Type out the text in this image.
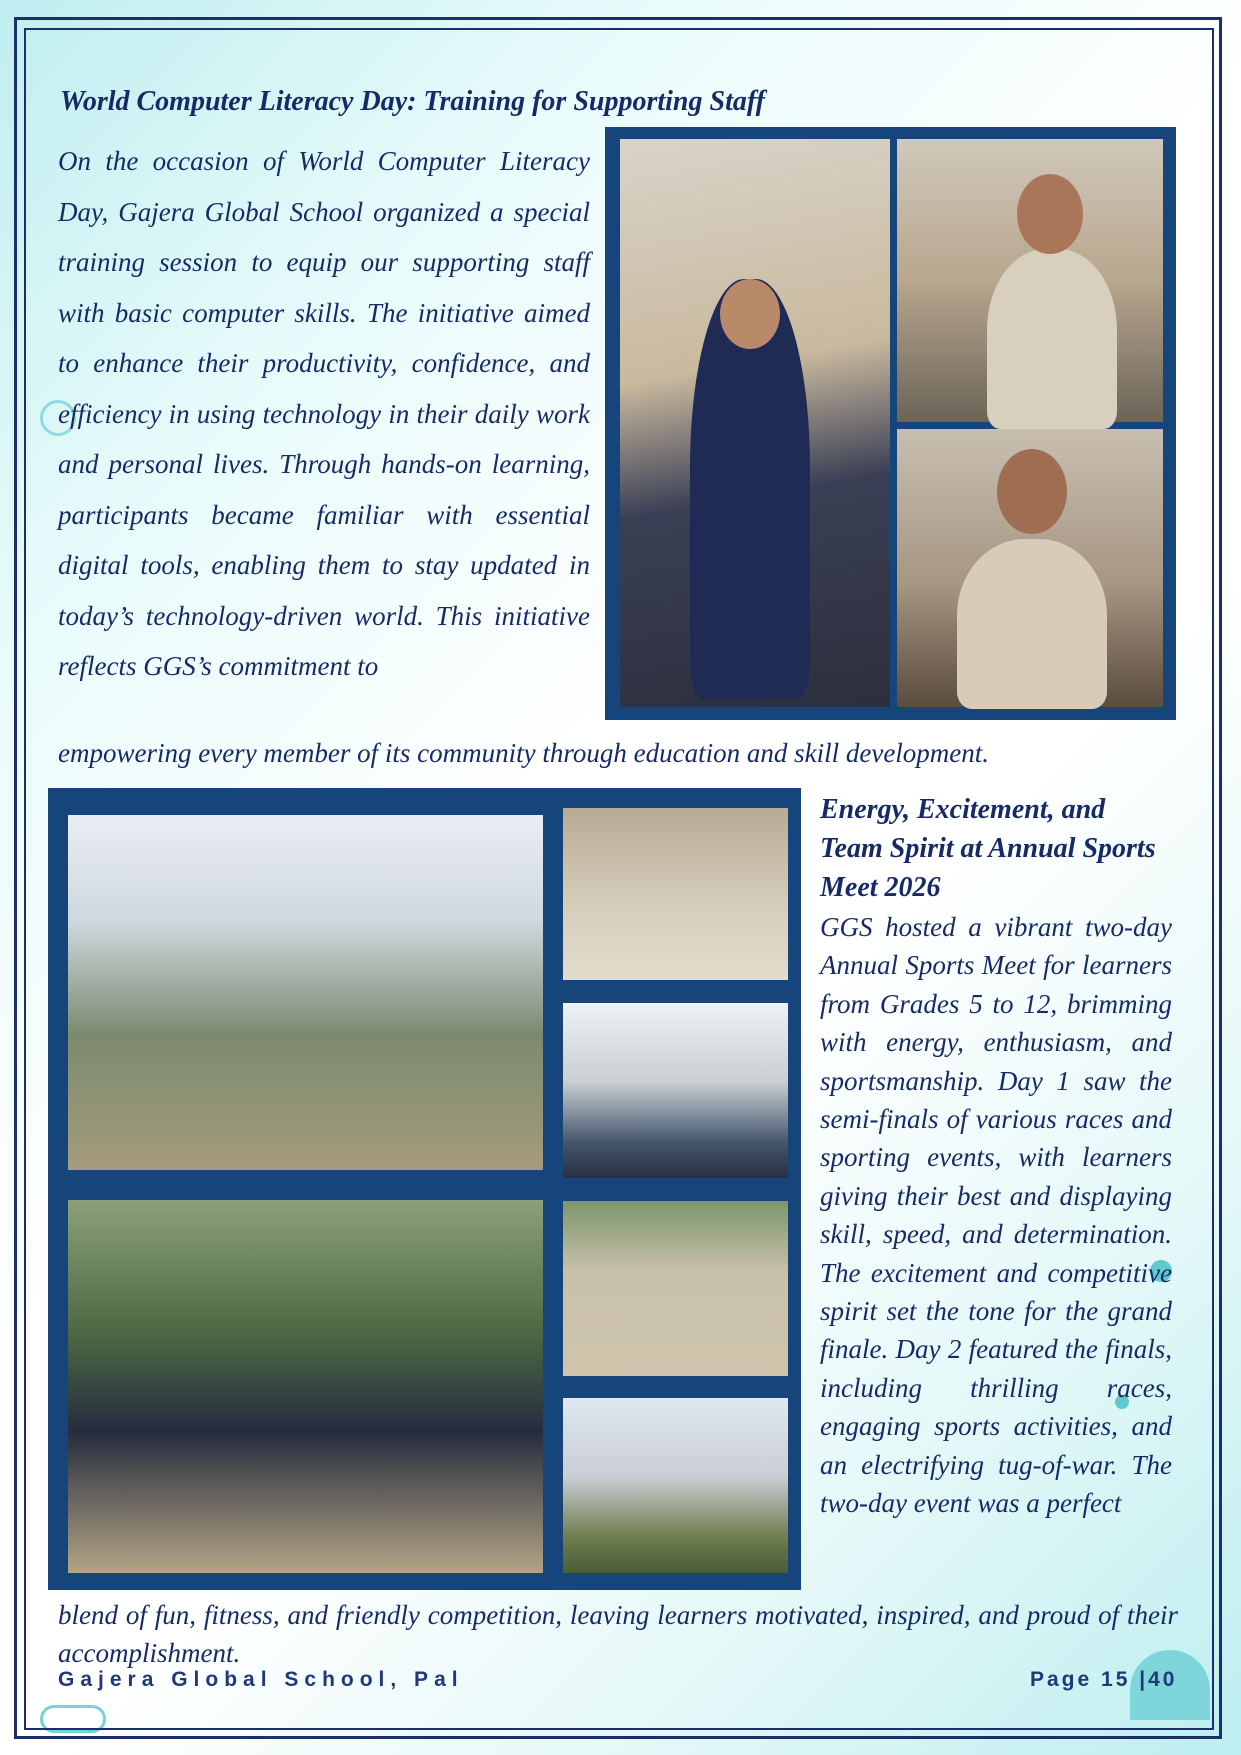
World Computer Literacy Day: Training for Supporting Staff
On the occasion of World Computer Literacy Day, Gajera Global School organized a special training session to equip our supporting staff with basic computer skills. The initiative aimed to enhance their productivity, confidence, and efficiency in using technology in their daily work and personal lives. Through hands-on learning, participants became familiar with essential digital tools, enabling them to stay updated in today’s technology-driven world. This initiative reflects GGS’s commitment to
empowering every member of its community through education and skill development.
Energy, Excitement, and Team Spirit at Annual Sports Meet 2026
GGS hosted a vibrant two-day Annual Sports Meet for learners from Grades 5 to 12, brimming with energy, enthusiasm, and sportsmanship. Day 1 saw the semi-finals of various races and sporting events, with learners giving their best and displaying skill, speed, and determination. The excitement and competitive spirit set the tone for the grand finale. Day 2 featured the finals, including thrilling races, engaging sports activities, and an electrifying tug-of-war. The two-day event was a perfect
blend of fun, fitness, and friendly competition, leaving learners motivated, inspired, and proud of their accomplishment.
Gajera Global School, Pal	Page 15 |40
